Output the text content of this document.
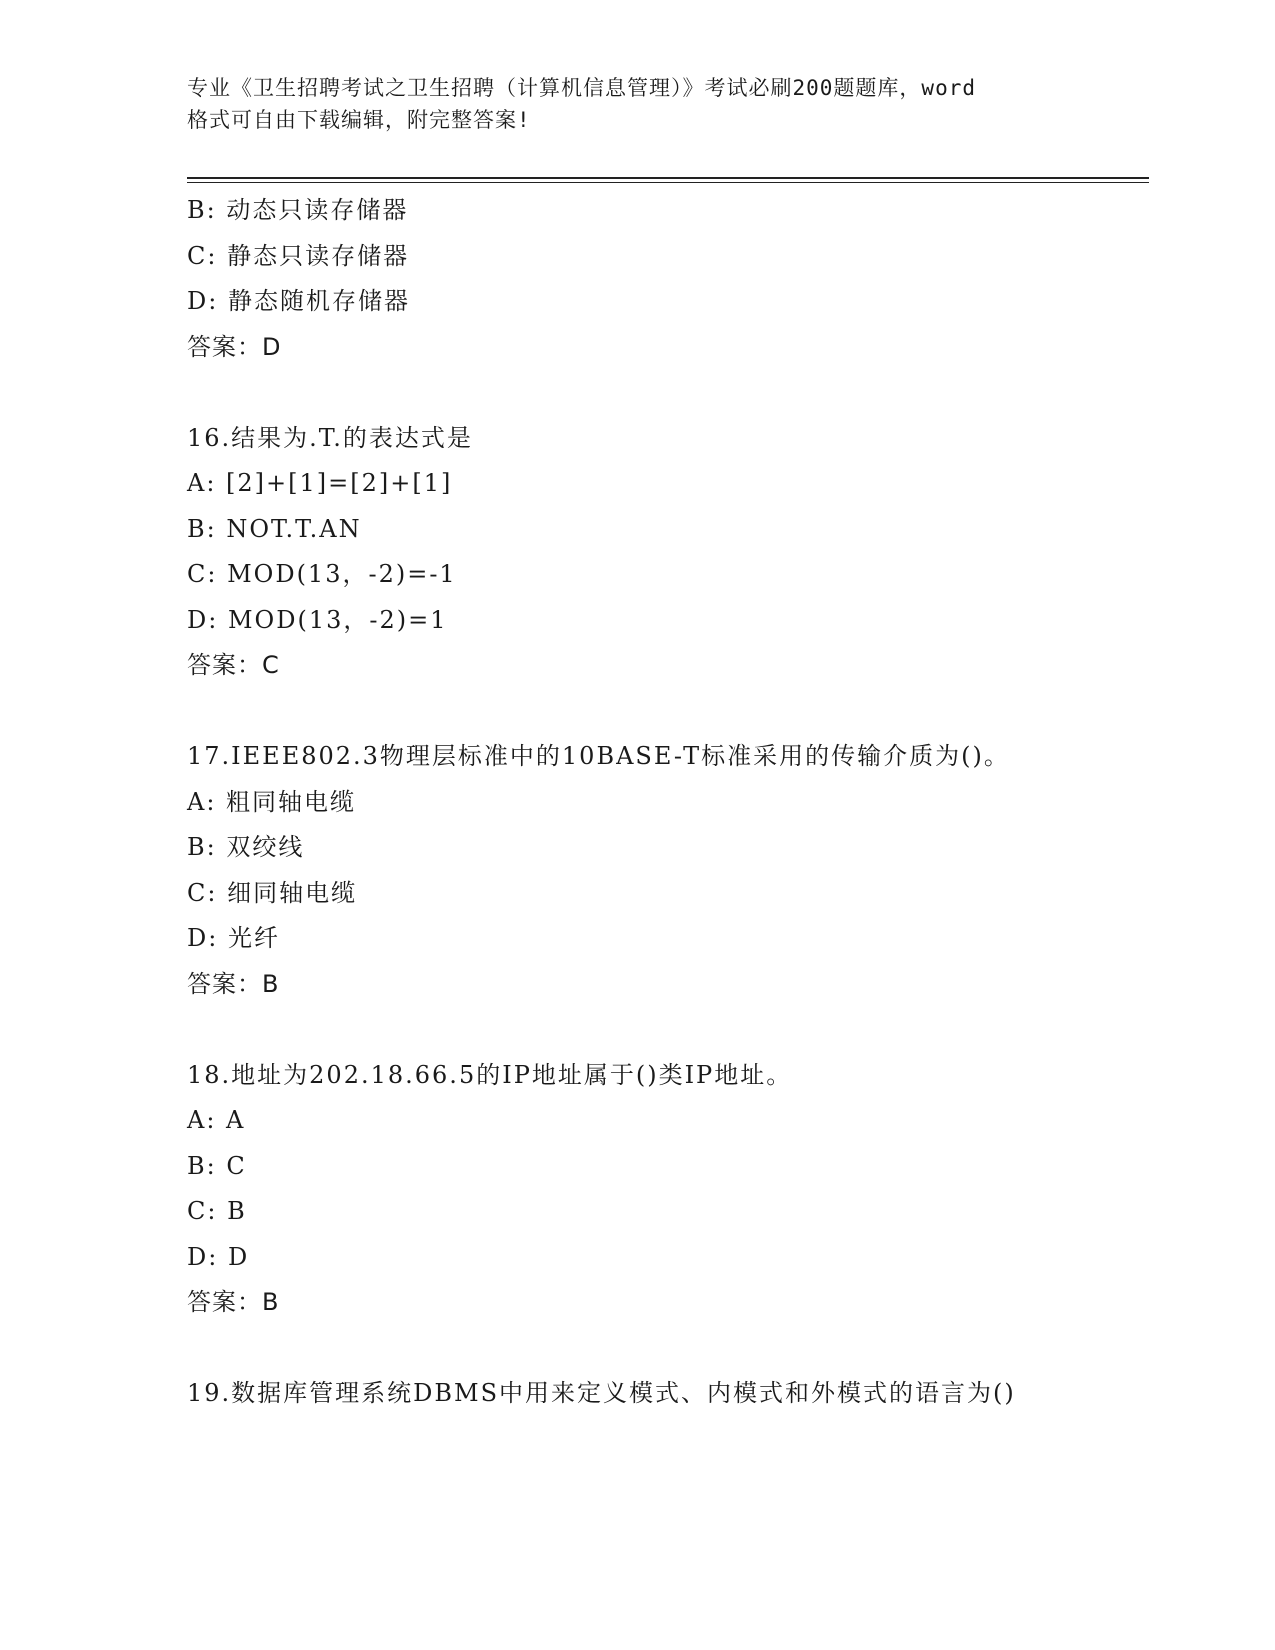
专业《卫生招聘考试之卫生招聘（计算机信息管理）》考试必刷200题题库，word
格式可自由下载编辑，附完整答案!
B: 动态只读存储器
C: 静态只读存储器
D: 静态随机存储器
答案：D
16.结果为.T.的表达式是
A: [2]+[1]=[2]+[1]
B: NOT.T.AN
C: MOD(13，-2)=-1
D: MOD(13，-2)=1
答案：C
17.IEEE802.3物理层标准中的10BASE-T标准采用的传输介质为()。
A: 粗同轴电缆
B: 双绞线
C: 细同轴电缆
D: 光纤
答案：B
18.地址为202.18.66.5的IP地址属于()类IP地址。
A: A
B: C
C: B
D: D
答案：B
19.数据库管理系统DBMS中用来定义模式、内模式和外模式的语言为()
